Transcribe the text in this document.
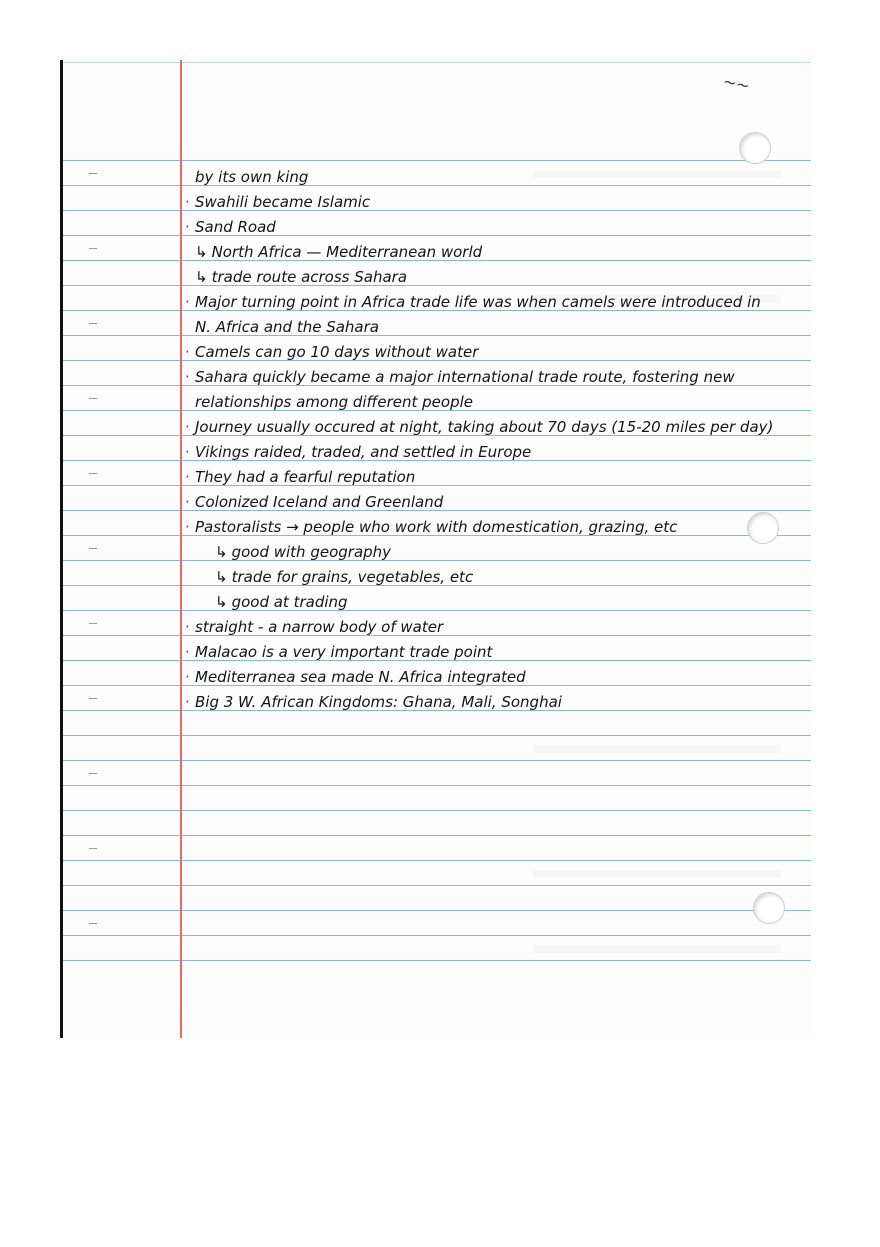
~~
by its own king
· Swahili became Islamic
· Sand Road
↳ North Africa — Mediterranean world
↳ trade route across Sahara
· Major turning point in Africa trade life was when camels were introduced in
N. Africa and the Sahara
· Camels can go 10 days without water
· Sahara quickly became a major international trade route, fostering new
relationships among different people
· Journey usually occured at night, taking about 70 days (15-20 miles per day)
· Vikings raided, traded, and settled in Europe
· They had a fearful reputation
· Colonized Iceland and Greenland
· Pastoralists → people who work with domestication, grazing, etc
↳ good with geography
↳ trade for grains, vegetables, etc
↳ good at trading
· straight - a narrow body of water
· Malacao is a very important trade point
· Mediterranea sea made N. Africa integrated
· Big 3 W. African Kingdoms: Ghana, Mali, Songhai
